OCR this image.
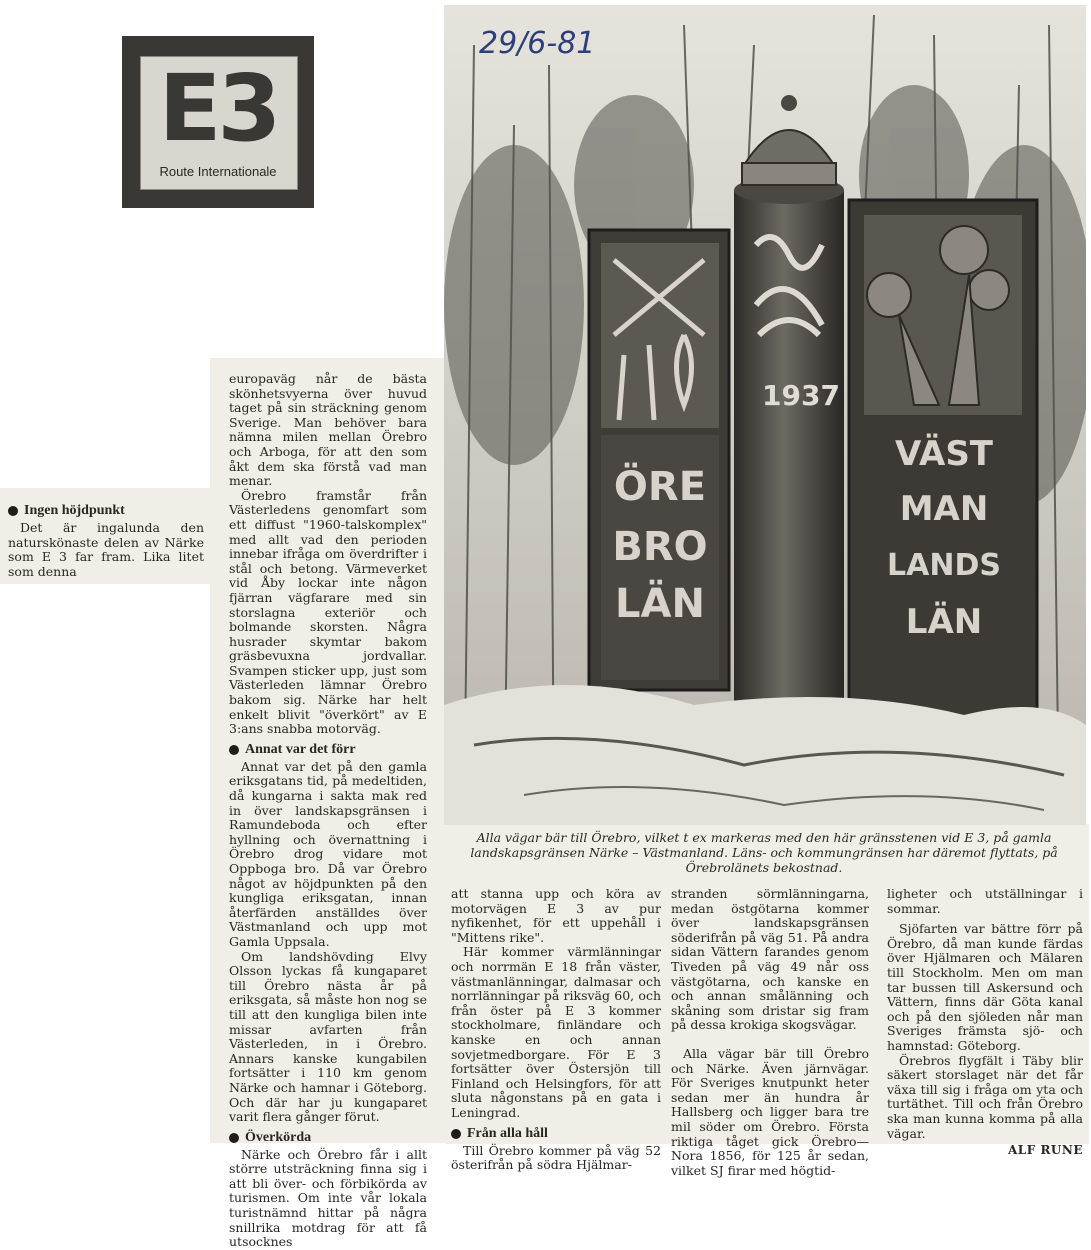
E3
Route Internationale
Ingen höjdpunkt

Det är ingalunda den naturskönaste delen av Närke som E 3 far fram. Lika litet som denna

europaväg når de bästa skönhetsvyerna över huvud taget på sin sträckning genom Sverige. Man behöver bara nämna milen mellan Örebro och Arboga, för att den som åkt dem ska förstå vad man menar.

Örebro framstår från Västerledens genomfart som ett diffust "1960-talskomplex" med allt vad den perioden innebar ifråga om överdrifter i stål och betong. Värmeverket vid Åby lockar inte någon fjärran vägfarare med sin storslagna exteriör och bolmande skorsten. Några husrader skymtar bakom gräsbevuxna jordvallar. Svampen sticker upp, just som Västerleden lämnar Örebro bakom sig. Närke har helt enkelt blivit "överkört" av E 3:ans snabba motorväg.

Annat var det förr

Annat var det på den gamla eriksgatans tid, på medeltiden, då kungarna i sakta mak red in över landskapsgränsen i Ramundeboda och efter hyllning och övernattning i Örebro drog vidare mot Oppboga bro. Då var Örebro något av höjdpunkten på den kungliga eriksgatan, innan återfärden anställdes över Västmanland och upp mot Gamla Uppsala.

Om landshövding Elvy Olsson lyckas få kungaparet till Örebro nästa år på eriksgata, så måste hon nog se till att den kungliga bilen inte missar avfarten från Västerleden, in i Örebro. Annars kanske kungabilen fortsätter i 110 km genom Närke och hamnar i Göteborg. Och där har ju kungaparet varit flera gånger förut.

Överkörda

Närke och Örebro får i allt större utsträckning finna sig i att bli över- och förbikörda av turismen. Om inte vår lokala turistnämnd hittar på några snillrika motdrag för att få utsocknes

ÖRE
BRO
LÄN
1937
VÄST
MAN
LANDS
LÄN
29/6-81
Alla vägar bär till Örebro, vilket t ex markeras med den här gränsstenen vid E 3, på gamla landskapsgränsen Närke – Västmanland. Läns- och kommungränsen har däremot flyttats, på Örebrolänets bekostnad.

att stanna upp och köra av motorvägen E 3 av pur nyfikenhet, för ett uppehåll i "Mittens rike".

Här kommer värmlänningar och norrmän E 18 från väster, västmanlänningar, dalmasar och norrlänningar på riksväg 60, och från öster på E 3 kommer stockholmare, finländare och kanske en och annan sovjetmedborgare. För E 3 fortsätter över Östersjön till Finland och Helsingfors, för att sluta någonstans på en gata i Leningrad.

Från alla håll

Till Örebro kommer på väg 52 österifrån på södra Hjälmar-

stranden sörmlänningarna, medan östgötarna kommer över landskapsgränsen söderifrån på väg 51. På andra sidan Vättern farandes genom Tiveden på väg 49 når oss västgötarna, och kanske en och annan smålänning och skåning som dristar sig fram på dessa krokiga skogsvägar.

Alla vägar bär till Örebro och Närke. Även järnvägar. För Sveriges knutpunkt heter sedan mer än hundra år Hallsberg och ligger bara tre mil söder om Örebro. Första riktiga tåget gick Örebro—Nora 1856, för 125 år sedan, vilket SJ firar med högtid-

ligheter och utställningar i sommar.

Sjöfarten var bättre förr på Örebro, då man kunde färdas över Hjälmaren och Mälaren till Stockholm. Men om man tar bussen till Askersund och Vättern, finns där Göta kanal och på den sjöleden når man Sveriges främsta sjö- och hamnstad: Göteborg.

Örebros flygfält i Täby blir säkert storslaget när det får växa till sig i fråga om yta och turtäthet. Till och från Örebro ska man kunna komma på alla vägar.

ALF RUNE
